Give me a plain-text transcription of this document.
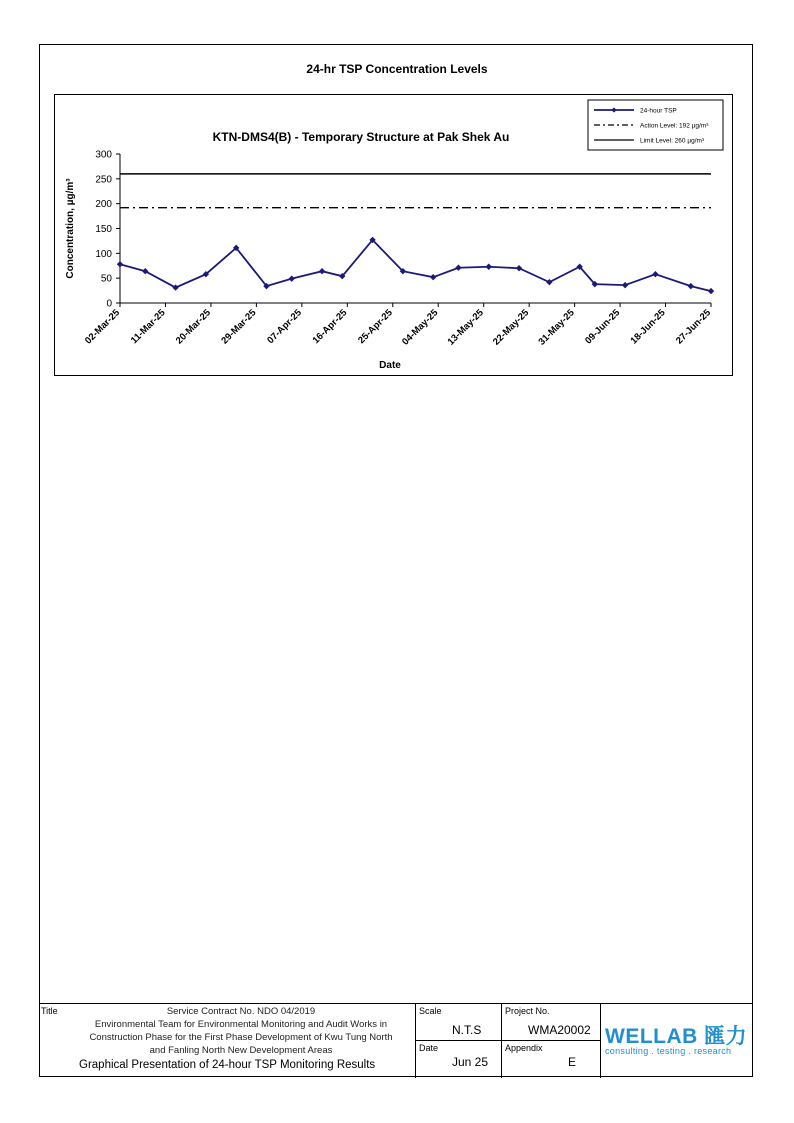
24-hr TSP Concentration Levels
KTN-DMS4(B) - Temporary Structure at Pak Shek Au
0
50
100
150
200
250
300
02-Mar-25 11-Mar-25 20-Mar-25 29-Mar-25 07-Apr-25 16-Apr-25 25-Apr-25 04-May-25 13-May-25 22-May-25 31-May-25 09-Jun-25 18-Jun-25 27-Jun-25
Date
Concentration, µg/m³
24-hour TSP
Action Level: 192 µg/m³
Limit Level: 260 µg/m³
Title	Service Contract No. NDO 04/2019
Environmental Team for Environmental Monitoring and Audit Works in
Construction Phase for the First Phase Development of Kwu Tung North
and Fanling North New Development Areas
Graphical Presentation of 24-hour TSP Monitoring Results
Scale
N.T.S
Date
Jun 25
Project No.
WMA20002
Appendix
E
WELLAB 匯力
consulting . testing . research
